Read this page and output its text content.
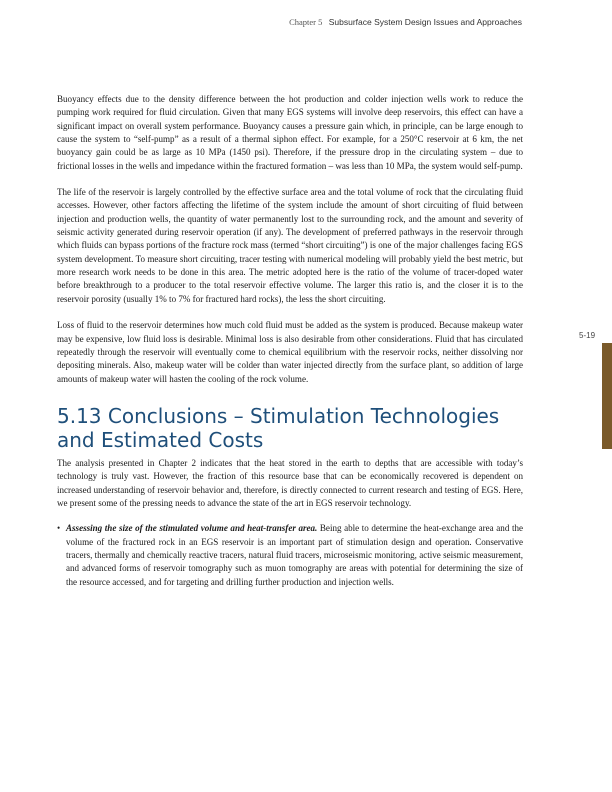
Chapter 5 Subsurface System Design Issues and Approaches
5-19

Buoyancy effects due to the density difference between the hot production and colder injection wells work to reduce the pumping work required for fluid circulation. Given that many EGS systems will involve deep reservoirs, this effect can have a significant impact on overall system performance. Buoyancy causes a pressure gain which, in principle, can be large enough to cause the system to “self-pump” as a result of a thermal siphon effect. For example, for a 250°C reservoir at 6 km, the net buoyancy gain could be as large as 10 MPa (1450 psi). Therefore, if the pressure drop in the circulating system – due to frictional losses in the wells and impedance within the fractured formation – was less than 10 MPa, the system would self-pump.

The life of the reservoir is largely controlled by the effective surface area and the total volume of rock that the circulating fluid accesses. However, other factors affecting the lifetime of the system include the amount of short circuiting of fluid between injection and production wells, the quantity of water permanently lost to the surrounding rock, and the amount and severity of seismic activity generated during reservoir operation (if any). The development of preferred pathways in the reservoir through which fluids can bypass portions of the fracture rock mass (termed “short circuiting”) is one of the major challenges facing EGS system development. To measure short circuiting, tracer testing with numerical modeling will probably yield the best metric, but more research work needs to be done in this area. The metric adopted here is the ratio of the volume of tracer-doped water before breakthrough to a producer to the total reservoir effective volume. The larger this ratio is, and the closer it is to the reservoir porosity (usually 1% to 7% for fractured hard rocks), the less the short circuiting.

Loss of fluid to the reservoir determines how much cold fluid must be added as the system is produced. Because makeup water may be expensive, low fluid loss is desirable. Minimal loss is also desirable from other considerations. Fluid that has circulated repeatedly through the reservoir will eventually come to chemical equilibrium with the reservoir rocks, neither dissolving nor depositing minerals. Also, makeup water will be colder than water injected directly from the surface plant, so addition of large amounts of makeup water will hasten the cooling of the rock volume.

5.13 Conclusions – Stimulation Technologies and Estimated Costs

The analysis presented in Chapter 2 indicates that the heat stored in the earth to depths that are accessible with today’s technology is truly vast. However, the fraction of this resource base that can be economically recovered is dependent on increased understanding of reservoir behavior and, therefore, is directly connected to current research and testing of EGS. Here, we present some of the pressing needs to advance the state of the art in EGS reservoir technology.

• Assessing the size of the stimulated volume and heat-transfer area. Being able to determine the heat-exchange area and the volume of the fractured rock in an EGS reservoir is an important part of stimulation design and operation. Conservative tracers, thermally and chemically reactive tracers, natural fluid tracers, microseismic monitoring, active seismic measurement, and advanced forms of reservoir tomography such as muon tomography are areas with potential for determining the size of the resource accessed, and for targeting and drilling further production and injection wells.
